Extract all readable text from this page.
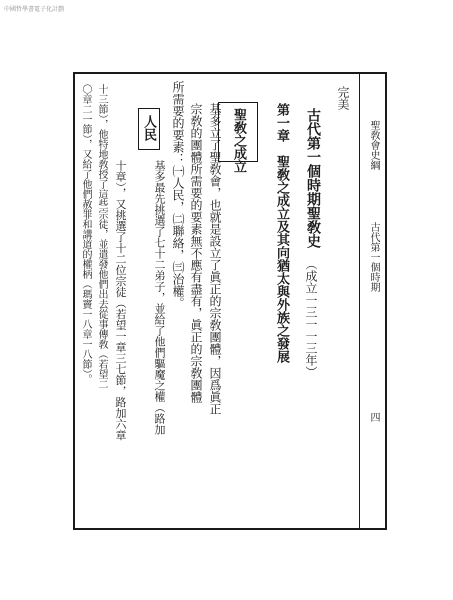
中國哲學書電子化計劃
聖敎會史綱
古代第一個時期
四
完美
古代第一個時期聖敎史
（成立一三一一三年）
第一章　聖敎之成立及其向猶太與外族之發展
聖敎之成立
人民	基多立了聖敎會，也就是設立了眞正的宗敎團體，因爲眞正
宗敎的團體所需要的要素無不應有盡有，眞正的宗敎團體
所需要的要素：㈠人民，㈡聯絡，㈢治權。
基多最先挑選了七十二弟子，並給了他們驅魔之權（路加
十章），又挑選了十二位宗徒（若望一章三七節，路加六章
十三節），他特地敎授了這些宗徒，並遣發他們出去從事傳敎（若望二
〇章二一節），又給了他們赦罪和講道的權柄（瑪竇一八章一八節）。
